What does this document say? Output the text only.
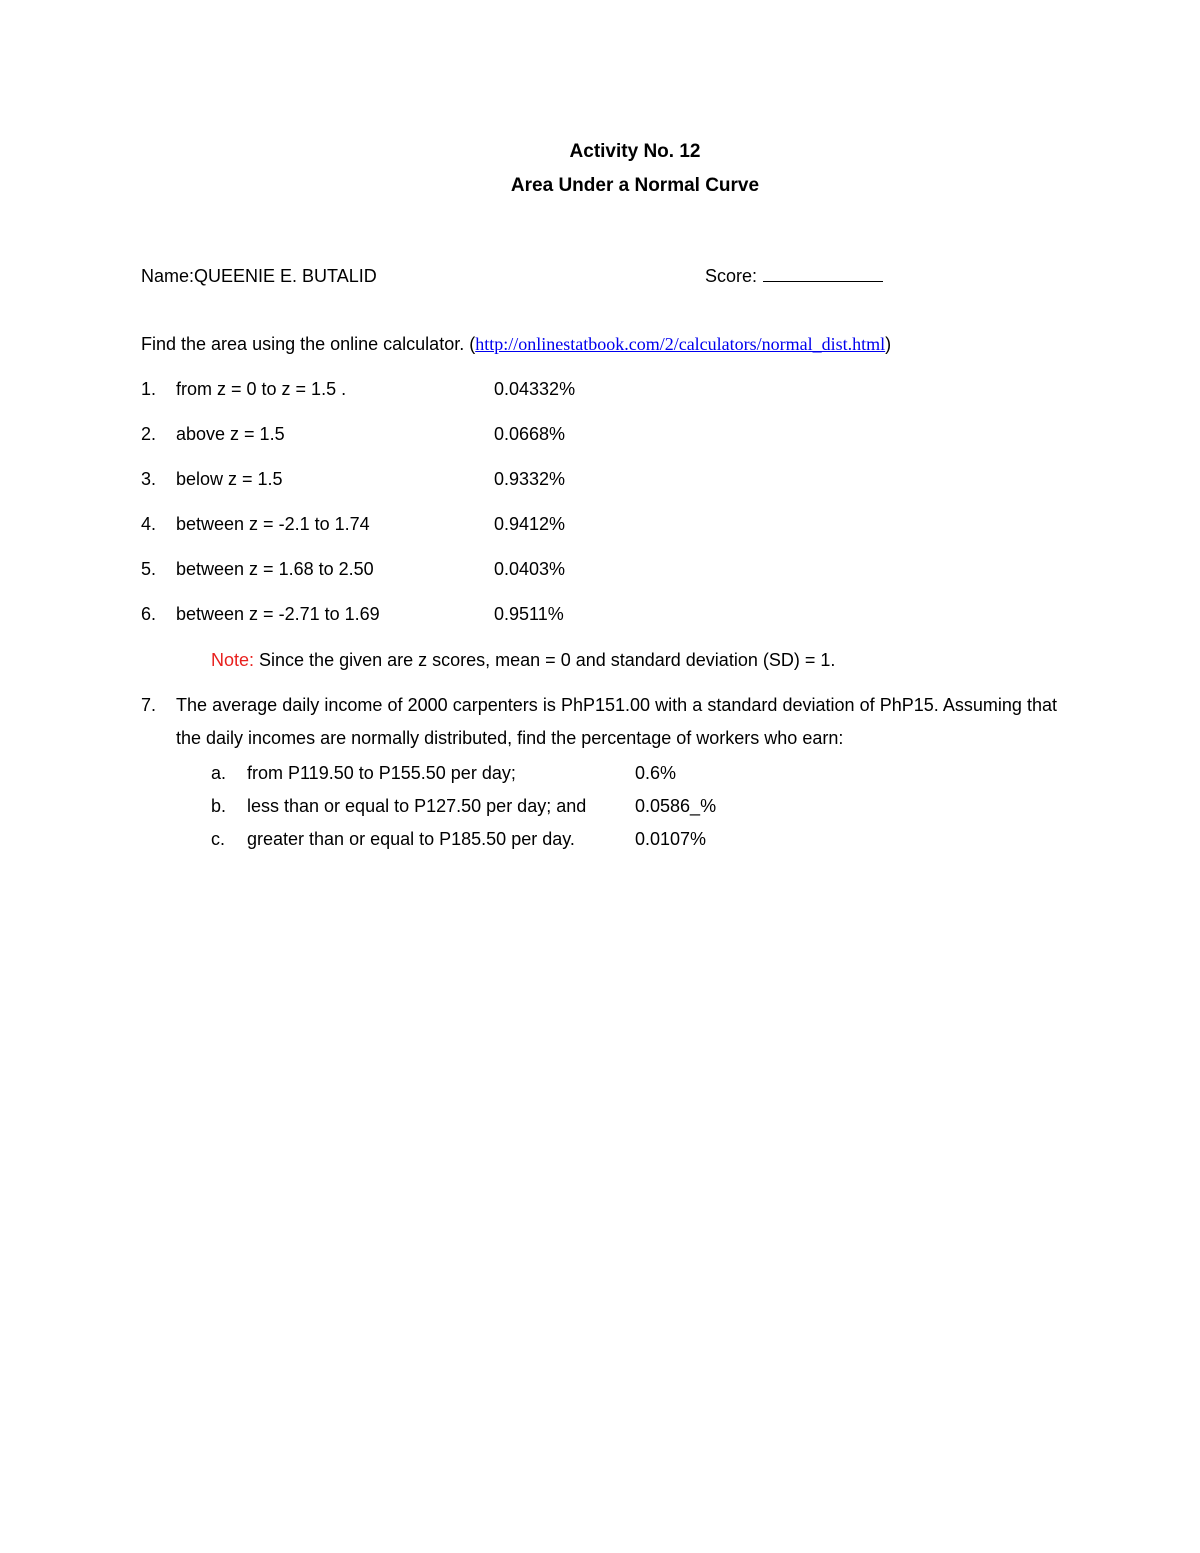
Activity No. 12
Area Under a Normal Curve
Name:QUEENIE E. BUTALID	Score:
Find the area using the online calculator. (http://onlinestatbook.com/2/calculators/normal_dist.html)
1. from z = 0 to z = 1.5 .	0.04332%
2. above z = 1.5	0.0668%
3. below z = 1.5	0.9332%
4. between z = -2.1 to 1.74	0.9412%
5. between z = 1.68 to 2.50	0.0403%
6. between z = -2.71 to 1.69	0.9511%
Note: Since the given are z scores, mean = 0 and standard deviation (SD) = 1.
7. The average daily income of 2000 carpenters is PhP151.00 with a standard deviation of PhP15. Assuming that the daily incomes are normally distributed, find the percentage of workers who earn:
a. from P119.50 to P155.50 per day;	0.6%
b. less than or equal to P127.50 per day; and	0.0586_%
c. greater than or equal to P185.50 per day.	0.0107%
